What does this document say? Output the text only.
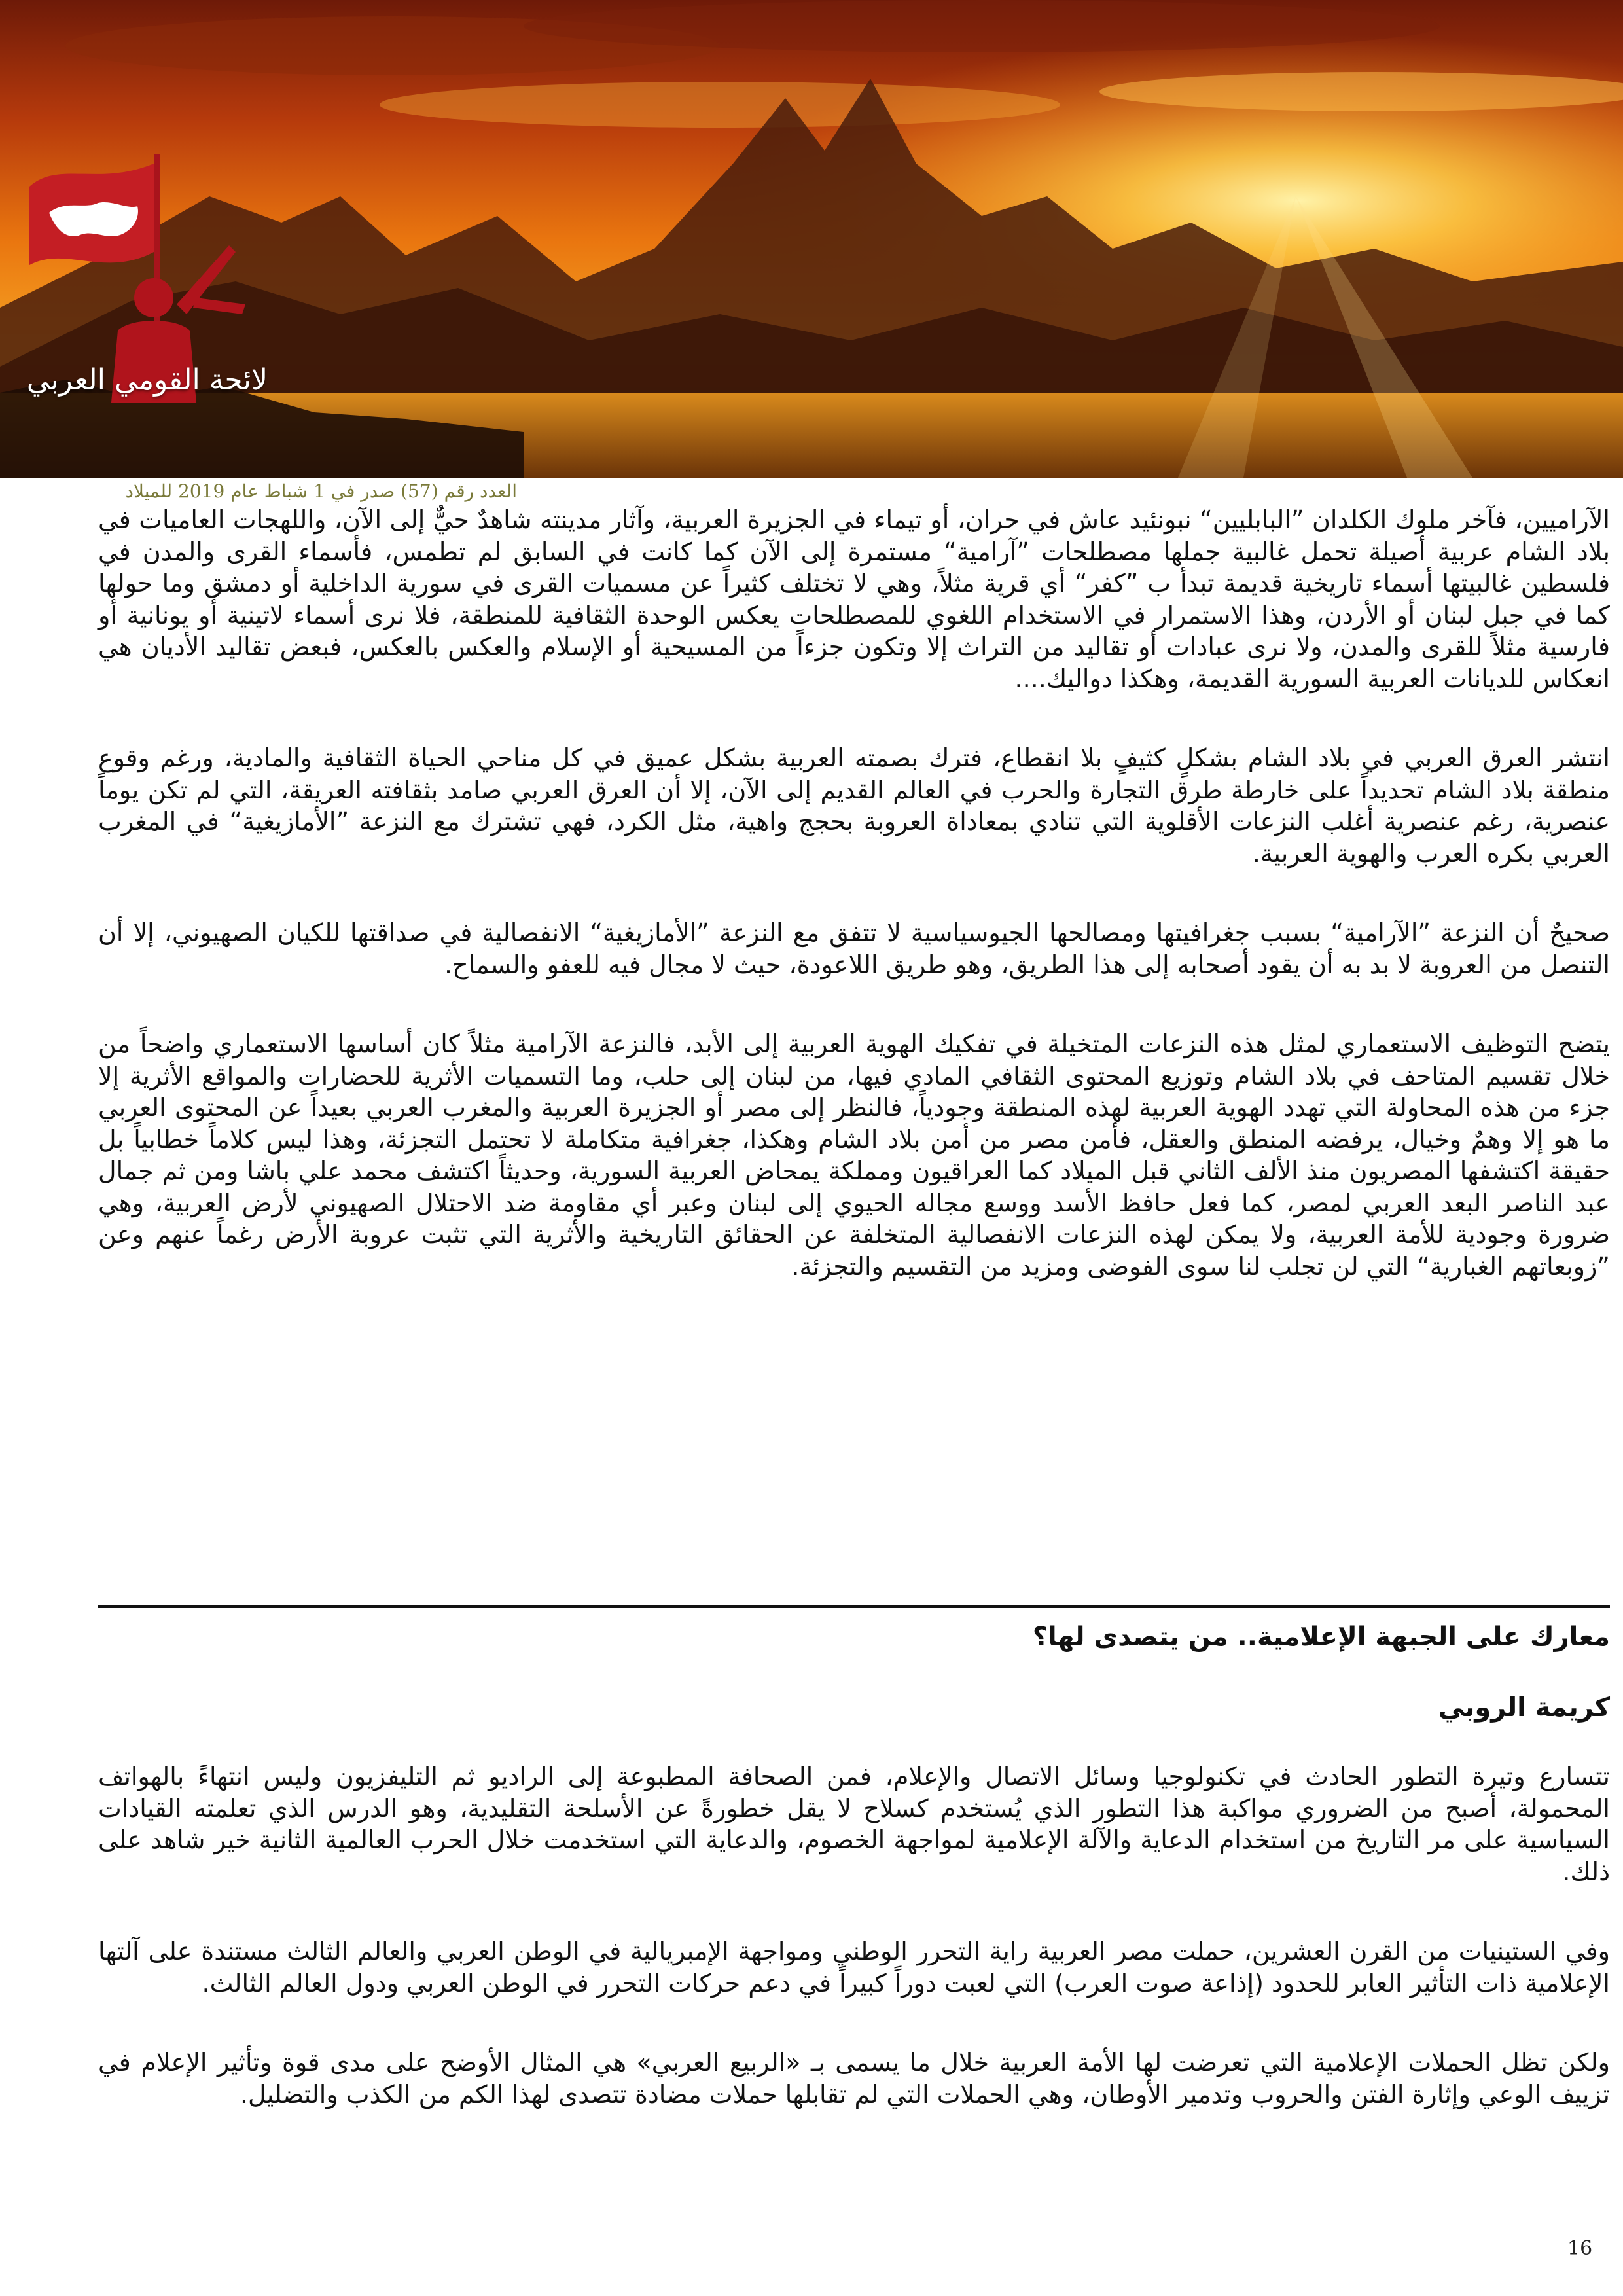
لائحة القومي العربي
العدد رقم (57) صدر في 1 شباط عام 2019 للميلاد

الآراميين، فآخر ملوك الكلدان ”البابليين“ نبونئيد عاش في حران، أو تيماء في الجزيرة العربية، وآثار مدينته شاهدٌ حيٌّ إلى الآن، واللهجات العاميات في بلاد الشام عربية أصيلة تحمل غالبية جملها مصطلحات ”آرامية“ مستمرة إلى الآن كما كانت في السابق لم تطمس، فأسماء القرى والمدن في فلسطين غالبيتها أسماء تاريخية قديمة تبدأ ب ”كفر“ أي قرية مثلاً، وهي لا تختلف كثيراً عن مسميات القرى في سورية الداخلية أو دمشق وما حولها كما في جبل لبنان أو الأردن، وهذا الاستمرار في الاستخدام اللغوي للمصطلحات يعكس الوحدة الثقافية للمنطقة، فلا نرى أسماء لاتينية أو يونانية أو فارسية مثلاً للقرى والمدن، ولا نرى عبادات أو تقاليد من التراث إلا وتكون جزءاً من المسيحية أو الإسلام والعكس بالعكس، فبعض تقاليد الأديان هي انعكاس للديانات العربية السورية القديمة، وهكذا دواليك....

انتشر العرق العربي في بلاد الشام بشكلٍ كثيفٍ بلا انقطاع، فترك بصمته العربية بشكل عميق في كل مناحي الحياة الثقافية والمادية، ورغم وقوع منطقة بلاد الشام تحديداً على خارطة طرق التجارة والحرب في العالم القديم إلى الآن، إلا أن العرق العربي صامد بثقافته العريقة، التي لم تكن يوماً عنصرية، رغم عنصرية أغلب النزعات الأقلوية التي تنادي بمعاداة العروبة بحجج واهية، مثل الكرد، فهي تشترك مع النزعة ”الأمازيغية“ في المغرب العربي بكره العرب والهوية العربية.

صحيحٌ أن النزعة ”الآرامية“ بسبب جغرافيتها ومصالحها الجيوسياسية لا تتفق مع النزعة ”الأمازيغية“ الانفصالية في صداقتها للكيان الصهيوني، إلا أن التنصل من العروبة لا بد به أن يقود أصحابه إلى هذا الطريق، وهو طريق اللاعودة، حيث لا مجال فيه للعفو والسماح.

يتضح التوظيف الاستعماري لمثل هذه النزعات المتخيلة في تفكيك الهوية العربية إلى الأبد، فالنزعة الآرامية مثلاً كان أساسها الاستعماري واضحاً من خلال تقسيم المتاحف في بلاد الشام وتوزيع المحتوى الثقافي المادي فيها، من لبنان إلى حلب، وما التسميات الأثرية للحضارات والمواقع الأثرية إلا جزء من هذه المحاولة التي تهدد الهوية العربية لهذه المنطقة وجودياً، فالنظر إلى مصر أو الجزيرة العربية والمغرب العربي بعيداً عن المحتوى العربي ما هو إلا وهمٌ وخيال، يرفضه المنطق والعقل، فأمن مصر من أمن بلاد الشام وهكذا، جغرافية متكاملة لا تحتمل التجزئة، وهذا ليس كلاماً خطابياً بل حقيقة اكتشفها المصريون منذ الألف الثاني قبل الميلاد كما العراقيون ومملكة يمحاض العربية السورية، وحديثاً اكتشف محمد علي باشا ومن ثم جمال عبد الناصر البعد العربي لمصر، كما فعل حافظ الأسد ووسع مجاله الحيوي إلى لبنان وعبر أي مقاومة ضد الاحتلال الصهيوني لأرض العربية، وهي ضرورة وجودية للأمة العربية، ولا يمكن لهذه النزعات الانفصالية المتخلفة عن الحقائق التاريخية والأثرية التي تثبت عروبة الأرض رغماً عنهم وعن ”زوبعاتهم الغبارية“ التي لن تجلب لنا سوى الفوضى ومزيد من التقسيم والتجزئة.

معارك على الجبهة الإعلامية.. من يتصدى لها؟
كريمة الروبي

تتسارع وتيرة التطور الحادث في تكنولوجيا وسائل الاتصال والإعلام، فمن الصحافة المطبوعة إلى الراديو ثم التليفزيون وليس انتهاءً بالهواتف المحمولة، أصبح من الضروري مواكبة هذا التطور الذي يُستخدم كسلاح لا يقل خطورةً عن الأسلحة التقليدية، وهو الدرس الذي تعلمته القيادات السياسية على مر التاريخ من استخدام الدعاية والآلة الإعلامية لمواجهة الخصوم، والدعاية التي استخدمت خلال الحرب العالمية الثانية خير شاهد على ذلك.

وفي الستينيات من القرن العشرين، حملت مصر العربية راية التحرر الوطني ومواجهة الإمبريالية في الوطن العربي والعالم الثالث مستندة على آلتها الإعلامية ذات التأثير العابر للحدود (إذاعة صوت العرب) التي لعبت دوراً كبيراً في دعم حركات التحرر في الوطن العربي ودول العالم الثالث.

ولكن تظل الحملات الإعلامية التي تعرضت لها الأمة العربية خلال ما يسمى بـ «الربيع العربي» هي المثال الأوضح على مدى قوة وتأثير الإعلام في تزييف الوعي وإثارة الفتن والحروب وتدمير الأوطان، وهي الحملات التي لم تقابلها حملات مضادة تتصدى لهذا الكم من الكذب والتضليل.

16
